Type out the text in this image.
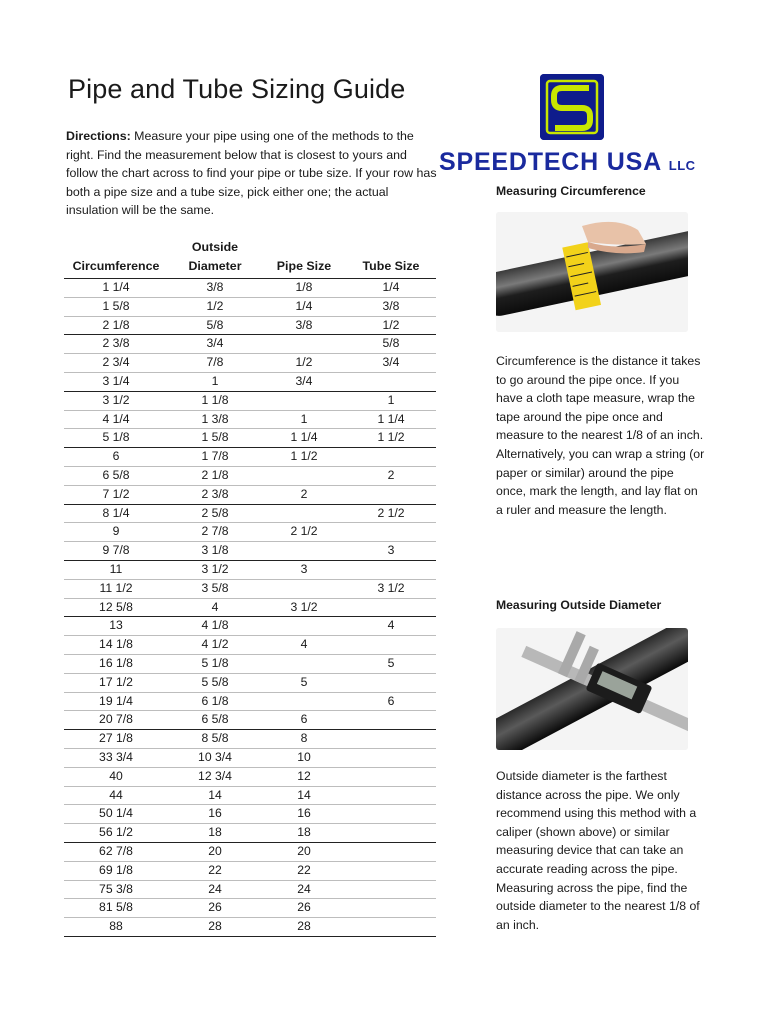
Pipe and Tube Sizing Guide

Directions: Measure your pipe using one of the methods to the right. Find the measurement below that is closest to yours and follow the chart across to find your pipe or tube size. If your row has both a pipe size and a tube size, pick either one; the actual insulation will be the same.

Circumference	Outside
Diameter	Pipe Size	Tube Size
1 1/4	3/8	1/8	1/4
1 5/8	1/2	1/4	3/8
2 1/8	5/8	3/8	1/2
2 3/8	3/4		5/8
2 3/4	7/8	1/2	3/4
3 1/4	1	3/4	
3 1/2	1 1/8		1
4 1/4	1 3/8	1	1 1/4
5 1/8	1 5/8	1 1/4	1 1/2
6	1 7/8	1 1/2	
6 5/8	2 1/8		2
7 1/2	2 3/8	2	
8 1/4	2 5/8		2 1/2
9	2 7/8	2 1/2	
9 7/8	3 1/8		3
11	3 1/2	3	
11 1/2	3 5/8		3 1/2
12 5/8	4	3 1/2	
13	4 1/8		4
14 1/8	4 1/2	4	
16 1/8	5 1/8		5
17 1/2	5 5/8	5	
19 1/4	6 1/8		6
20 7/8	6 5/8	6	
27 1/8	8 5/8	8	
33 3/4	10 3/4	10	
40	12 3/4	12	
44	14	14	
50 1/4	16	16	
56 1/2	18	18	
62 7/8	20	20	
69 1/8	22	22	
75 3/8	24	24	
81 5/8	26	26	
88	28	28	
SPEEDTECH USA LLC
Measuring Circumference

Circumference is the distance it takes to go around the pipe once. If you have a cloth tape measure, wrap the tape around the pipe once and measure to the nearest 1/8 of an inch. Alternatively, you can wrap a string (or paper or similar) around the pipe once, mark the length, and lay flat on a ruler and measure the length.

Measuring Outside Diameter

Outside diameter is the farthest distance across the pipe. We only recommend using this method with a caliper (shown above) or similar measuring device that can take an accurate reading across the pipe. Measuring across the pipe, find the outside diameter to the nearest 1/8 of an inch.
